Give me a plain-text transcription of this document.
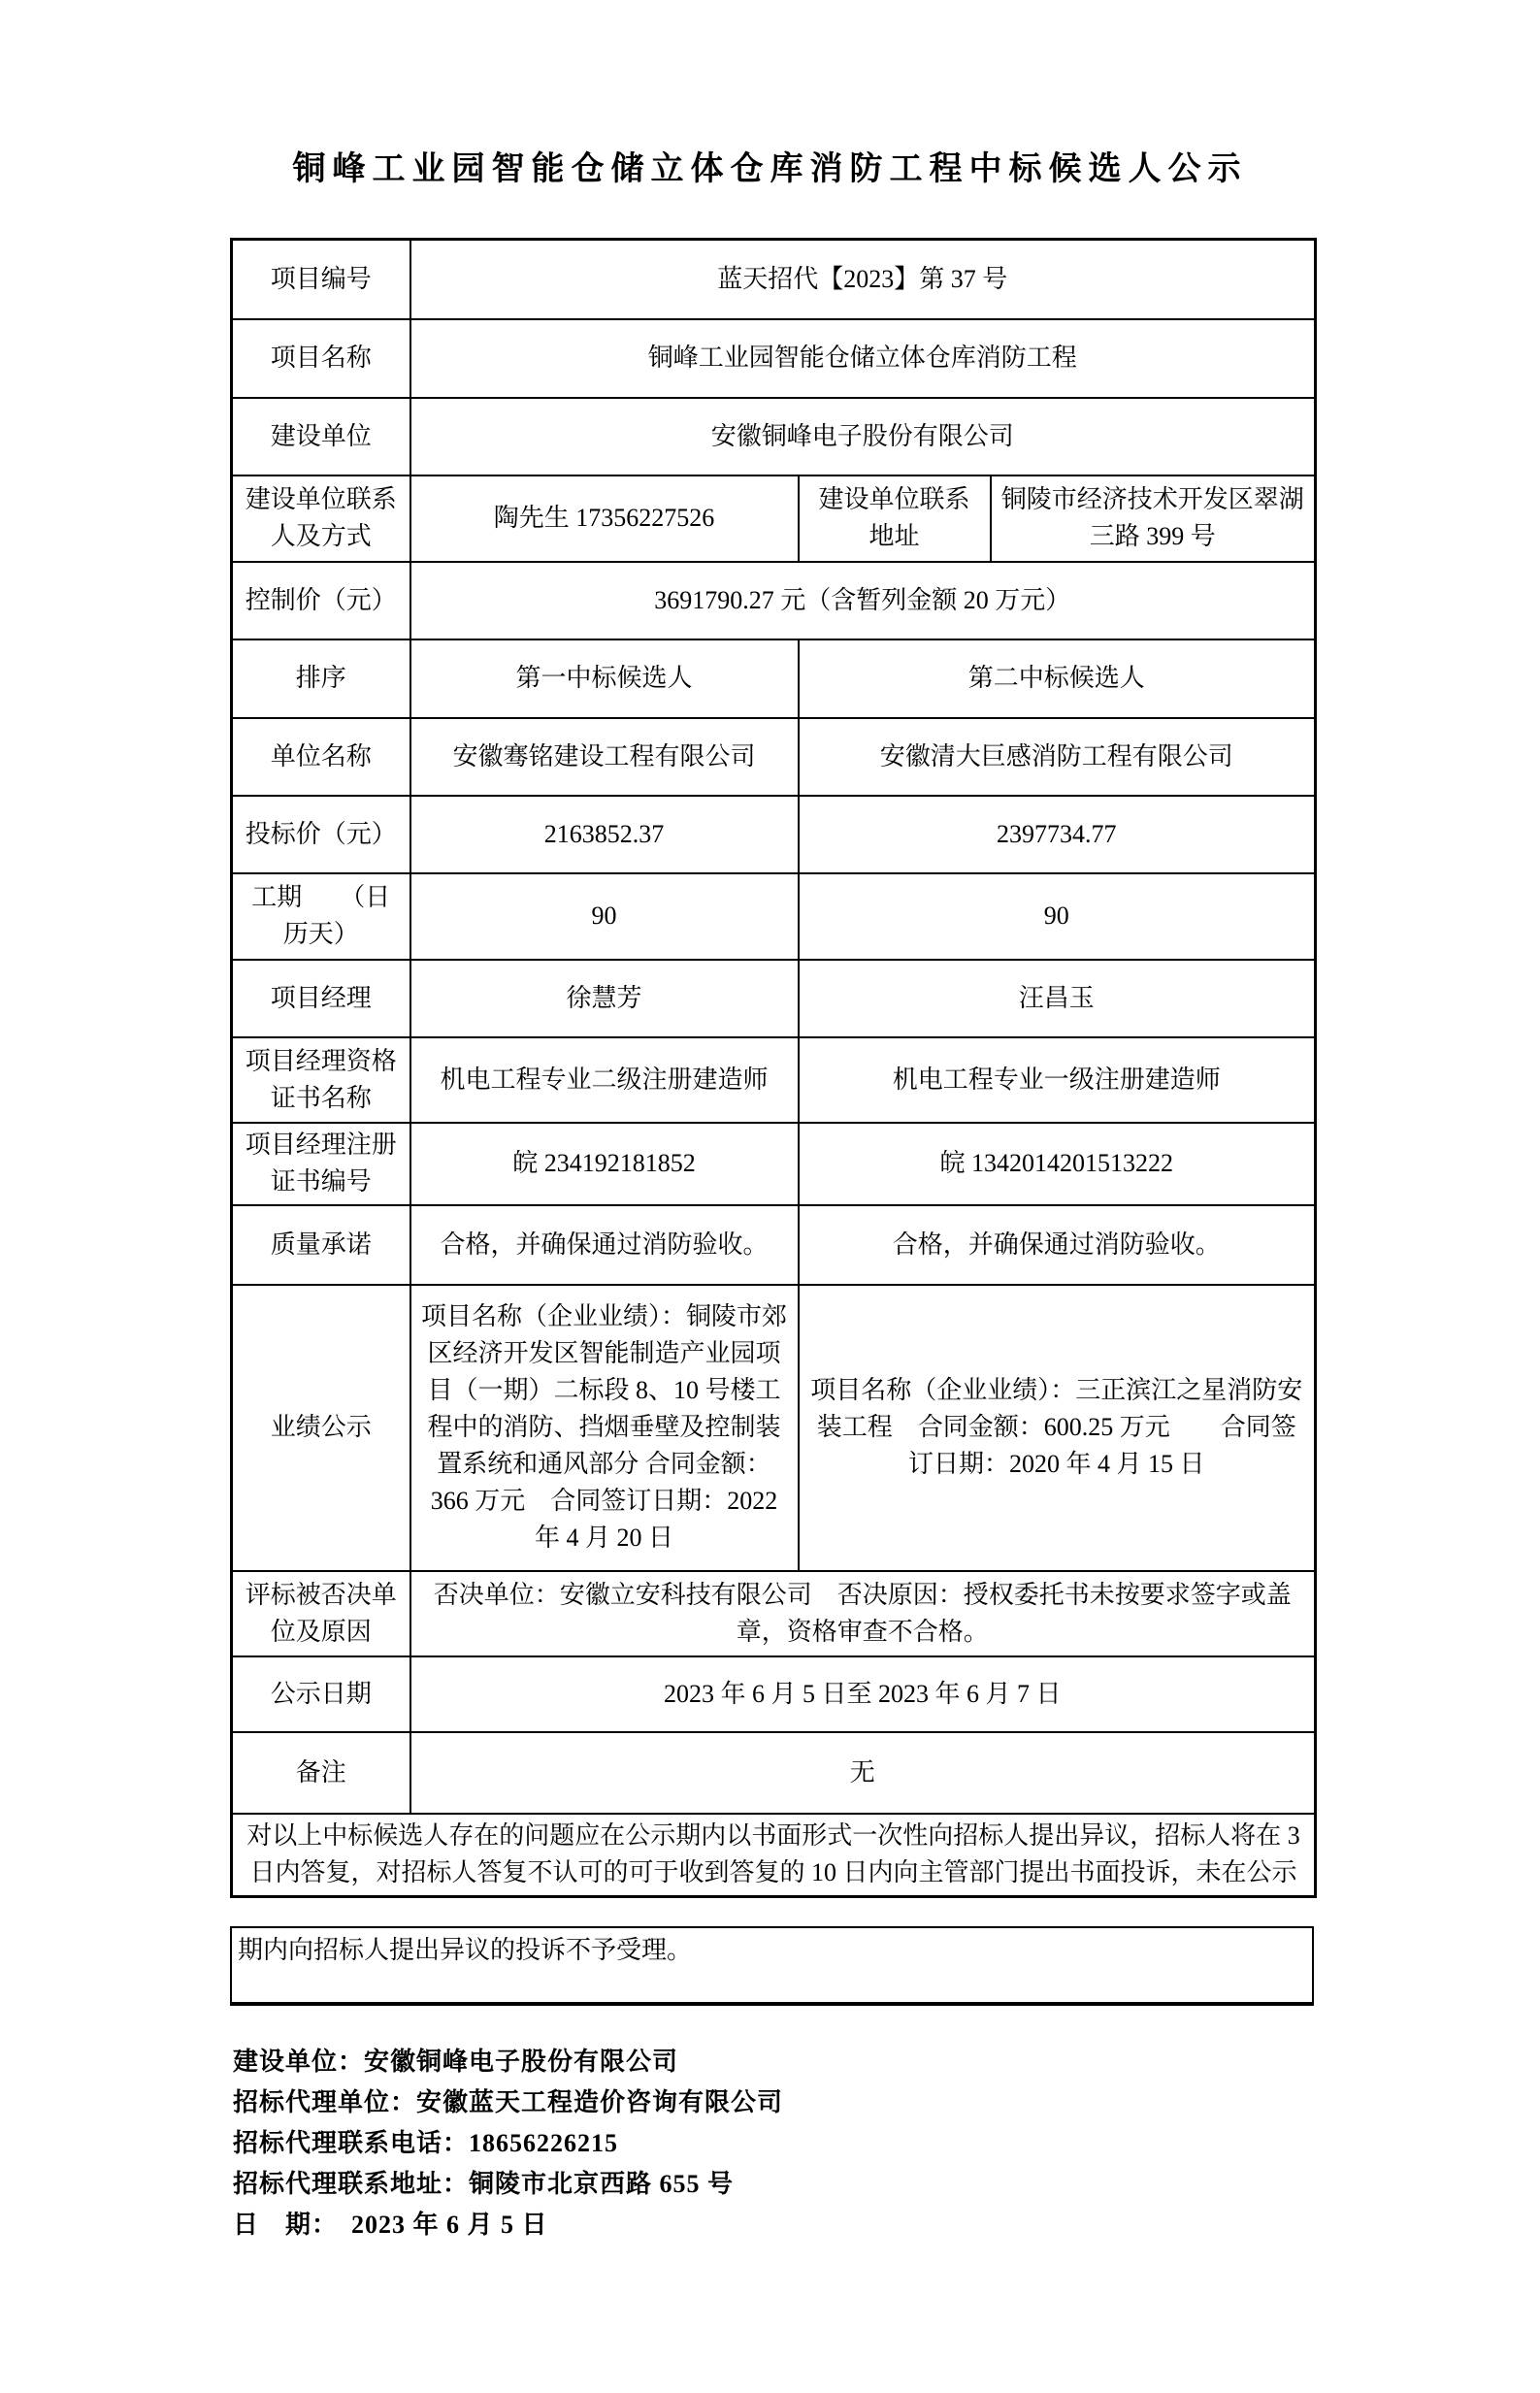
铜峰工业园智能仓储立体仓库消防工程中标候选人公示
项目编号	蓝天招代【2023】第 37 号		
项目名称	铜峰工业园智能仓储立体仓库消防工程		
建设单位	安徽铜峰电子股份有限公司		
建设单位联系人及方式	陶先生 17356227526	建设单位联系地址	铜陵市经济技术开发区翠湖三路 399 号
控制价（元）	3691790.27 元（含暂列金额 20 万元）		
排序	第一中标候选人	第二中标候选人	
单位名称	安徽骞铭建设工程有限公司	安徽清大巨感消防工程有限公司	
投标价（元）	2163852.37	2397734.77	
工期　　（日历天）	90	90	
项目经理	徐慧芳	汪昌玉	
项目经理资格证书名称	机电工程专业二级注册建造师	机电工程专业一级注册建造师	
项目经理注册证书编号	皖 234192181852	皖 1342014201513222	
质量承诺	合格，并确保通过消防验收。	合格，并确保通过消防验收。	
业绩公示	项目名称（企业业绩）：铜陵市郊区经济开发区智能制造产业园项目（一期）二标段 8、10 号楼工程中的消防、挡烟垂壁及控制装置系统和通风部分 合同金额：366 万元　合同签订日期：2022 年 4 月 20 日	项目名称（企业业绩）：三正滨江之星消防安装工程　合同金额：600.25 万元　　合同签订日期：2020 年 4 月 15 日	
评标被否决单位及原因	否决单位：安徽立安科技有限公司　否决原因：授权委托书未按要求签字或盖章，资格审查不合格。		
公示日期	2023 年 6 月 5 日至 2023 年 6 月 7 日		
备注	无		
对以上中标候选人存在的问题应在公示期内以书面形式一次性向招标人提出异议，招标人将在 3 日内答复，对招标人答复不认可的可于收到答复的 10 日内向主管部门提出书面投诉，未在公示			
期内向招标人提出异议的投诉不予受理。
建设单位：安徽铜峰电子股份有限公司
招标代理单位：安徽蓝天工程造价咨询有限公司
招标代理联系电话：18656226215
招标代理联系地址：铜陵市北京西路 655 号
日　期：　2023 年 6 月 5 日
